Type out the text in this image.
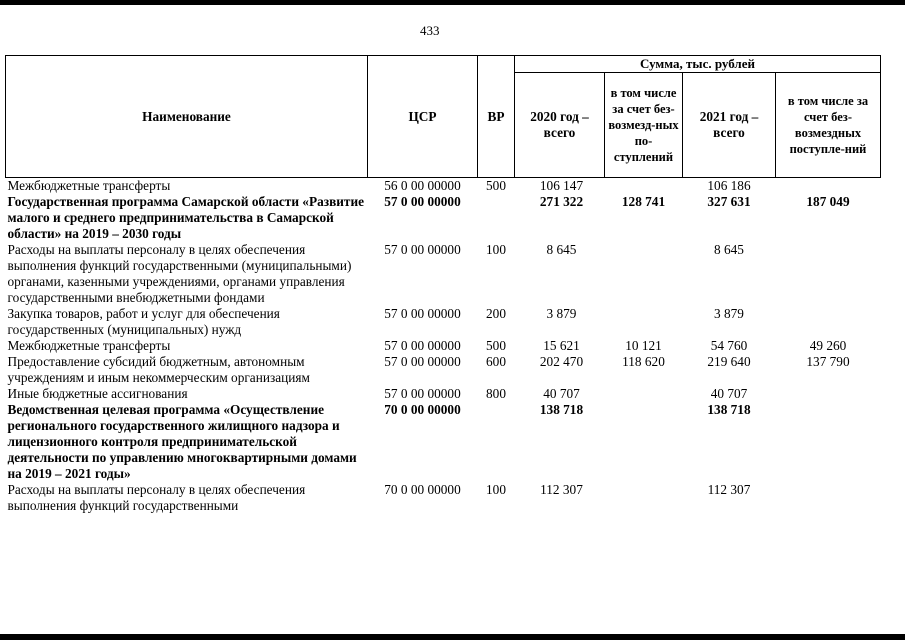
433
Наименование	ЦСР	ВР	Сумма, тыс. рублей			
			2020 год – всего	в том числе за счет без-возмезд-ных по-ступлений	2021 год – всего	в том числе за счет без-возмездных поступле-ний
Межбюджетные трансферты	56 0 00 00000	500	106 147		106 186	
Государственная программа Самарской области «Развитие малого и среднего предпринимательства в Самарской области» на 2019 – 2030 годы	57 0 00 00000		271 322	128 741	327 631	187 049
Расходы на выплаты персоналу в целях обеспечения выполнения функций государственными (муниципальными) органами, казенными учреждениями, органами управления государственными внебюджетными фондами	57 0 00 00000	100	8 645		8 645	
Закупка товаров, работ и услуг для обеспечения государственных (муниципальных) нужд	57 0 00 00000	200	3 879		3 879	
Межбюджетные трансферты	57 0 00 00000	500	15 621	10 121	54 760	49 260
Предоставление субсидий бюджетным, автономным учреждениям и иным некоммерческим организациям	57 0 00 00000	600	202 470	118 620	219 640	137 790
Иные бюджетные ассигнования	57 0 00 00000	800	40 707		40 707	
Ведомственная целевая программа «Осуществление регионального государственного жилищного надзора и лицензионного контроля предпринимательской деятельности по управлению многоквартирными домами на 2019 – 2021 годы»	70 0 00 00000		138 718		138 718	
Расходы на выплаты персоналу в целях обеспечения выполнения функций государственными	70 0 00 00000	100	112 307		112 307	
